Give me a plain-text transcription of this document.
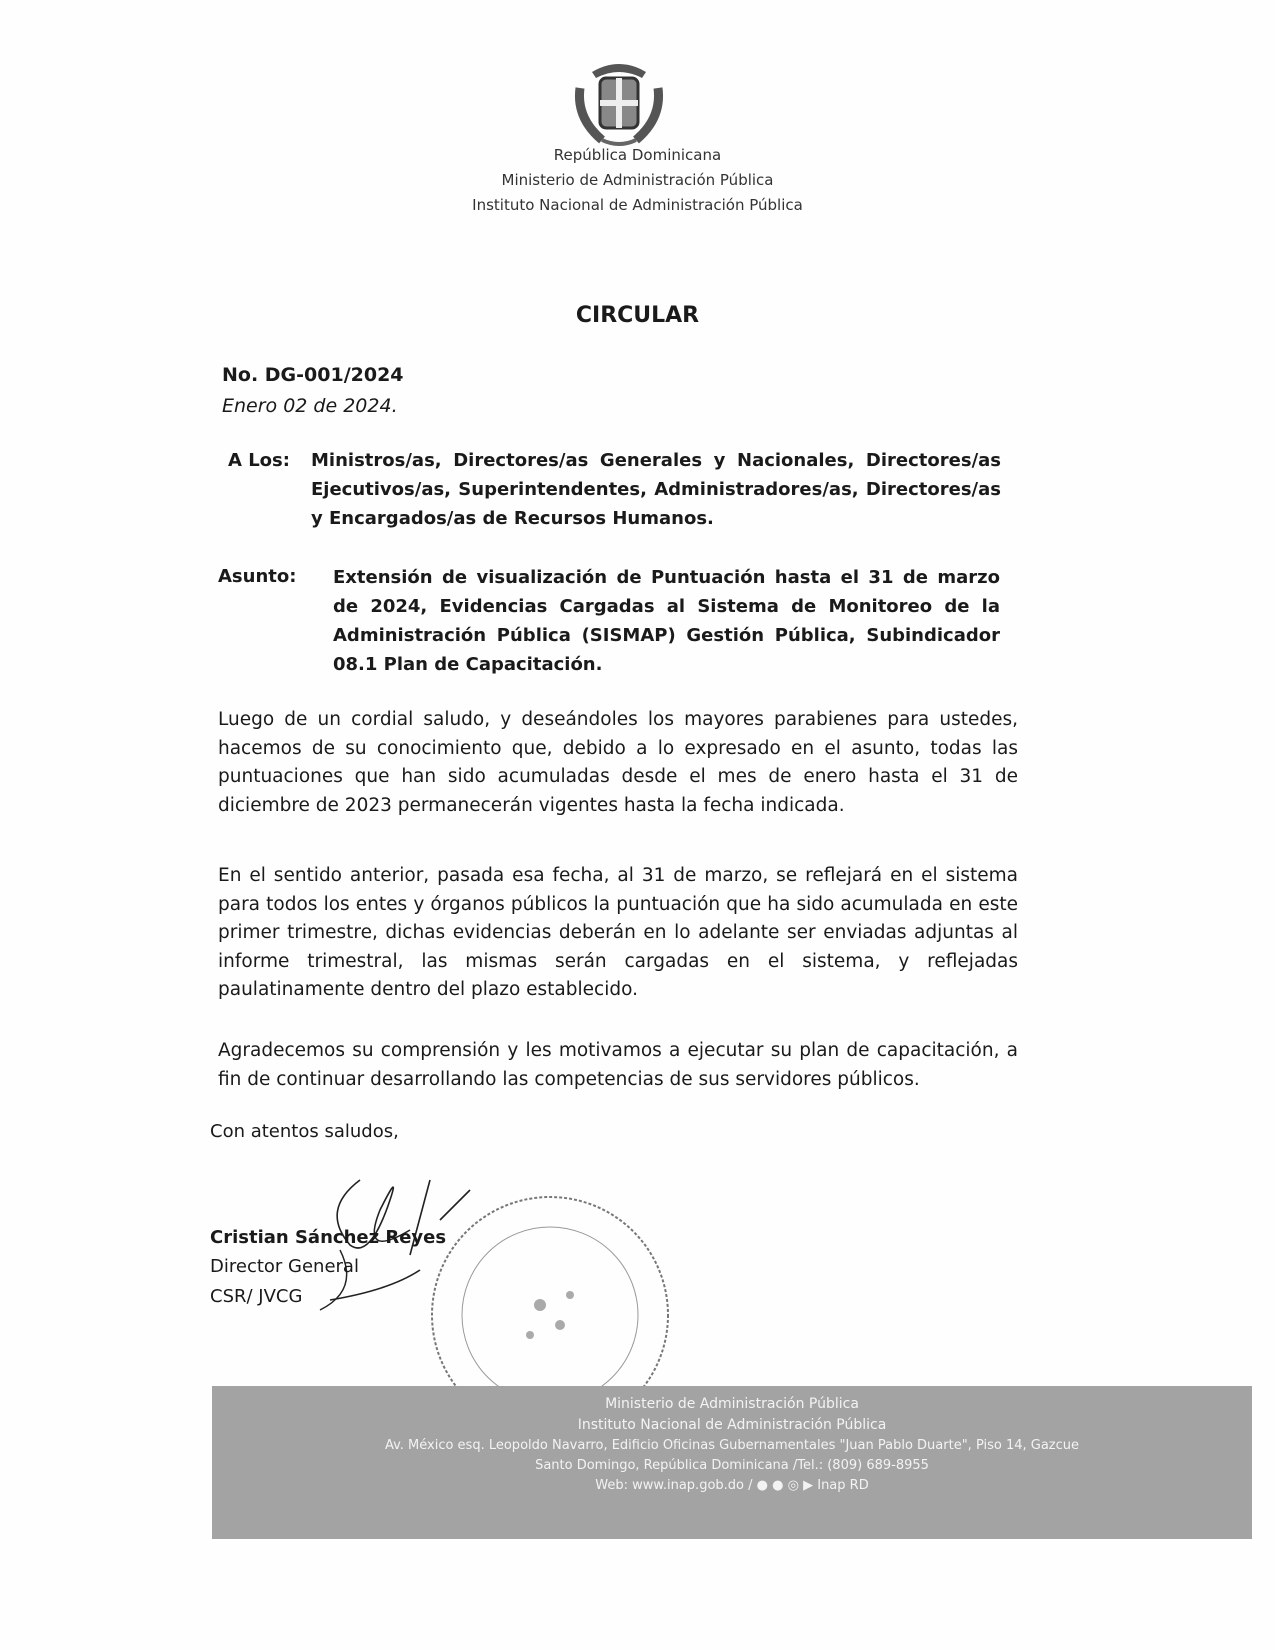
República Dominicana
Ministerio de Administración Pública
Instituto Nacional de Administración Pública
CIRCULAR
No. DG-001/2024
Enero 02 de 2024.
A Los: Ministros/as, Directores/as Generales y Nacionales, Directores/as Ejecutivos/as, Superintendentes, Administradores/as, Directores/as y Encargados/as de Recursos Humanos.
Asunto: Extensión de visualización de Puntuación hasta el 31 de marzo de 2024, Evidencias Cargadas al Sistema de Monitoreo de la Administración Pública (SISMAP) Gestión Pública, Subindicador 08.1 Plan de Capacitación.
Luego de un cordial saludo, y deseándoles los mayores parabienes para ustedes, hacemos de su conocimiento que, debido a lo expresado en el asunto, todas las puntuaciones que han sido acumuladas desde el mes de enero hasta el 31 de diciembre de 2023 permanecerán vigentes hasta la fecha indicada.
En el sentido anterior, pasada esa fecha, al 31 de marzo, se reflejará en el sistema para todos los entes y órganos públicos la puntuación que ha sido acumulada en este primer trimestre, dichas evidencias deberán en lo adelante ser enviadas adjuntas al informe trimestral, las mismas serán cargadas en el sistema, y reflejadas paulatinamente dentro del plazo establecido.
Agradecemos su comprensión y les motivamos a ejecutar su plan de capacitación, a fin de continuar desarrollando las competencias de sus servidores públicos.
Con atentos saludos,
Cristian Sánchez Reyes
Director General
CSR/ JVCG
Ministerio de Administración Pública
Instituto Nacional de Administración Pública
Av. México esq. Leopoldo Navarro, Edificio Oficinas Gubernamentales "Juan Pablo Duarte", Piso 14, Gazcue
Santo Domingo, República Dominicana /Tel.: (809) 689-8955
Web: www.inap.gob.do / ● ● ◎ ▶ Inap RD
